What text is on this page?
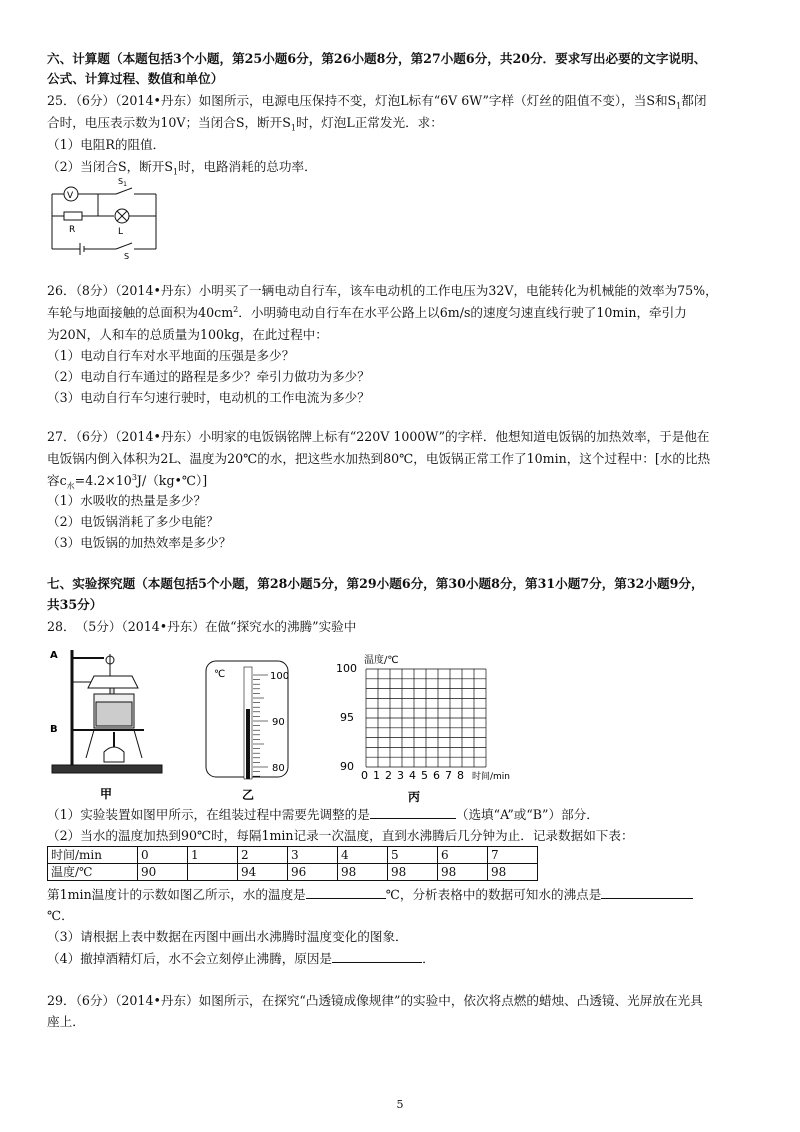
六、计算题（本题包括3个小题，第25小题6分，第26小题8分，第27小题6分，共20分．要求写出必要的文字说明、
公式、计算过程、数值和单位）
25．（6分）（2014•丹东）如图所示，电源电压保持不变，灯泡L标有“6V 6W”字样（灯丝的阻值不变），当S和$S_1$都闭
合时，电压表示数为10V；当闭合S，断开$S_1$时，灯泡L正常发光．求：
（1）电阻R的阻值．
（2）当闭合S，断开$S_1$时，电路消耗的总功率．
V
$S_1$
R	L
S
26．（8分）（2014•丹东）小明买了一辆电动自行车，该车电动机的工作电压为32V，电能转化为机械能的效率为75%，
车轮与地面接触的总面积为$40cm^2$．小明骑电动自行车在水平公路上以6m/s的速度匀速直线行驶了10min，牵引力
为20N，人和车的总质量为100kg，在此过程中：
（1）电动自行车对水平地面的压强是多少？
（2）电动自行车通过的路程是多少？牵引力做功为多少？
（3）电动自行车匀速行驶时，电动机的工作电流为多少？
27．（6分）（2014•丹东）小明家的电饭锅铭牌上标有“220V 1000W”的字样．他想知道电饭锅的加热效率，于是他在
电饭锅内倒入体积为2L、温度为20℃的水，把这些水加热到80℃，电饭锅正常工作了10min，这个过程中：[水的比热
容$c_水=4.2\times 10^3J/(kg•℃)$]
（1）水吸收的热量是多少？
（2）电饭锅消耗了多少电能？
（3）电饭锅的加热效率是多少？
七、实验探究题（本题包括5个小题，第28小题5分，第29小题6分，第30小题8分，第31小题7分，第32小题9分，
共35分）
28．　（5分）（2014•丹东）在做“探究水的沸腾”实验中
A
B
甲
℃	100
90
80
乙
温度/℃
100
95
90
0 1 2 3 4 5 6 7 8 时间/min
丙
（1）实验装置如图甲所示，在组装过程中需要先调整的是	（选填“A”或“B”）部分．
（2）当水的温度加热到90℃时，每隔1min记录一次温度，直到水沸腾后几分钟为止．记录数据如下表：
时间/min	0	1	2	3	4	5	6	7
温度/℃	90		94	96	98	98	98	98
第1min温度计的示数如图乙所示，水的温度是	℃，分析表格中的数据可知水的沸点是
℃．
（3）请根据上表中数据在丙图中画出水沸腾时温度变化的图象．
（4）撤掉酒精灯后，水不会立刻停止沸腾，原因是	．
29．（6分）（2014•丹东）如图所示，在探究“凸透镜成像规律”的实验中，依次将点燃的蜡烛、凸透镜、光屏放在光具
座上．
5
